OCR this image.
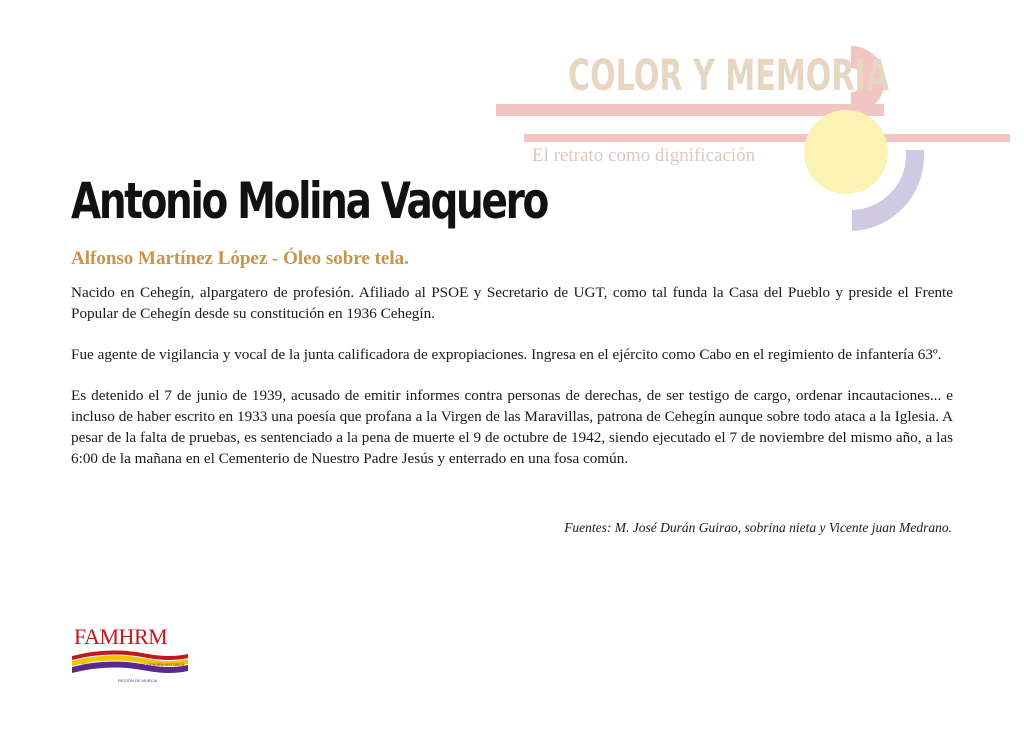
COLOR Y MEMORIA
El retrato como dignificación
Antonio Molina Vaquero
Alfonso Martínez López - Óleo sobre tela.

Nacido en Cehegín, alpargatero de profesión. Afiliado al PSOE y Secretario de UGT, como tal funda la Casa del Pueblo y preside el Frente Popular de Cehegín desde su constitución en 1936 Cehegín.

Fue agente de vigilancia y vocal de la junta calificadora de expropiaciones. Ingresa en el ejército como Cabo en el regimiento de infantería 63º.

Es detenido el 7 de junio de 1939, acusado de emitir informes contra personas de derechas, de ser testigo de cargo, ordenar incautaciones... e incluso de haber escrito en 1933 una poesía que profana a la Virgen de las Maravillas, patrona de Cehegín aunque sobre todo ataca a la Iglesia. A pesar de la falta de pruebas, es sentenciado a la pena de muerte el 9 de octubre de 1942, siendo ejecutado el 7 de noviembre del mismo año, a las 6:00 de la mañana en el Cementerio de Nuestro Padre Jesús y enterrado en una fosa común.

Fuentes: M. José Durán Guirao, sobrina nieta y Vicente juan Medrano.
FAMHRM
FEDERACIÓN DE ASOCIACIONES DE MEMORIA HISTÓRICA
REGIÓN DE MURCIA
